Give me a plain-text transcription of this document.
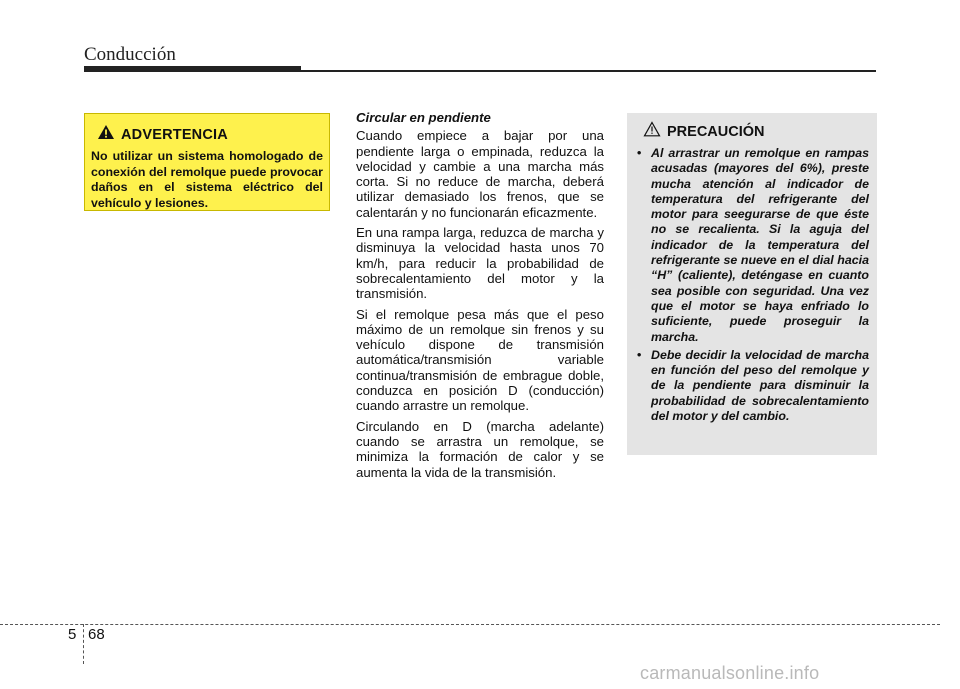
Conducción
ADVERTENCIA
No utilizar un sistema homologado de conexión del remolque puede provocar daños en el sistema eléctrico del vehículo y lesiones.
Circular en pendiente

Cuando empiece a bajar por una pendiente larga o empinada, reduzca la velocidad y cambie a una marcha más corta. Si no reduce de marcha, deberá utilizar demasiado los frenos, que se calentarán y no funcionarán eficazmente.

En una rampa larga, reduzca de marcha y disminuya la velocidad hasta unos 70 km/h, para reducir la probabilidad de sobrecalentamiento del motor y la transmisión.

Si el remolque pesa más que el peso máximo de un remolque sin frenos y su vehículo dispone de transmisión automática/transmisión variable continua/transmisión de embrague doble, conduzca en posición D (conducción) cuando arrastre un remolque.

Circulando en D (marcha adelante) cuando se arrastra un remolque, se minimiza la formación de calor y se aumenta la vida de la transmisión.

PRECAUCIÓN
• Al arrastrar un remolque en rampas acusadas (mayores del 6%), preste mucha atención al indicador de temperatura del refrigerante del motor para seegurarse de que éste no se recalienta. Si la aguja del indicador de la temperatura del refrigerante se nueve en el dial hacia “H” (caliente), deténgase en cuanto sea posible con seguridad. Una vez que el motor se haya enfriado lo suficiente, puede proseguir la marcha.
• Debe decidir la velocidad de marcha en función del peso del remolque y de la pendiente para disminuir la probabilidad de sobrecalentamiento del motor y del cambio.
5 68
carmanualsonline.info
